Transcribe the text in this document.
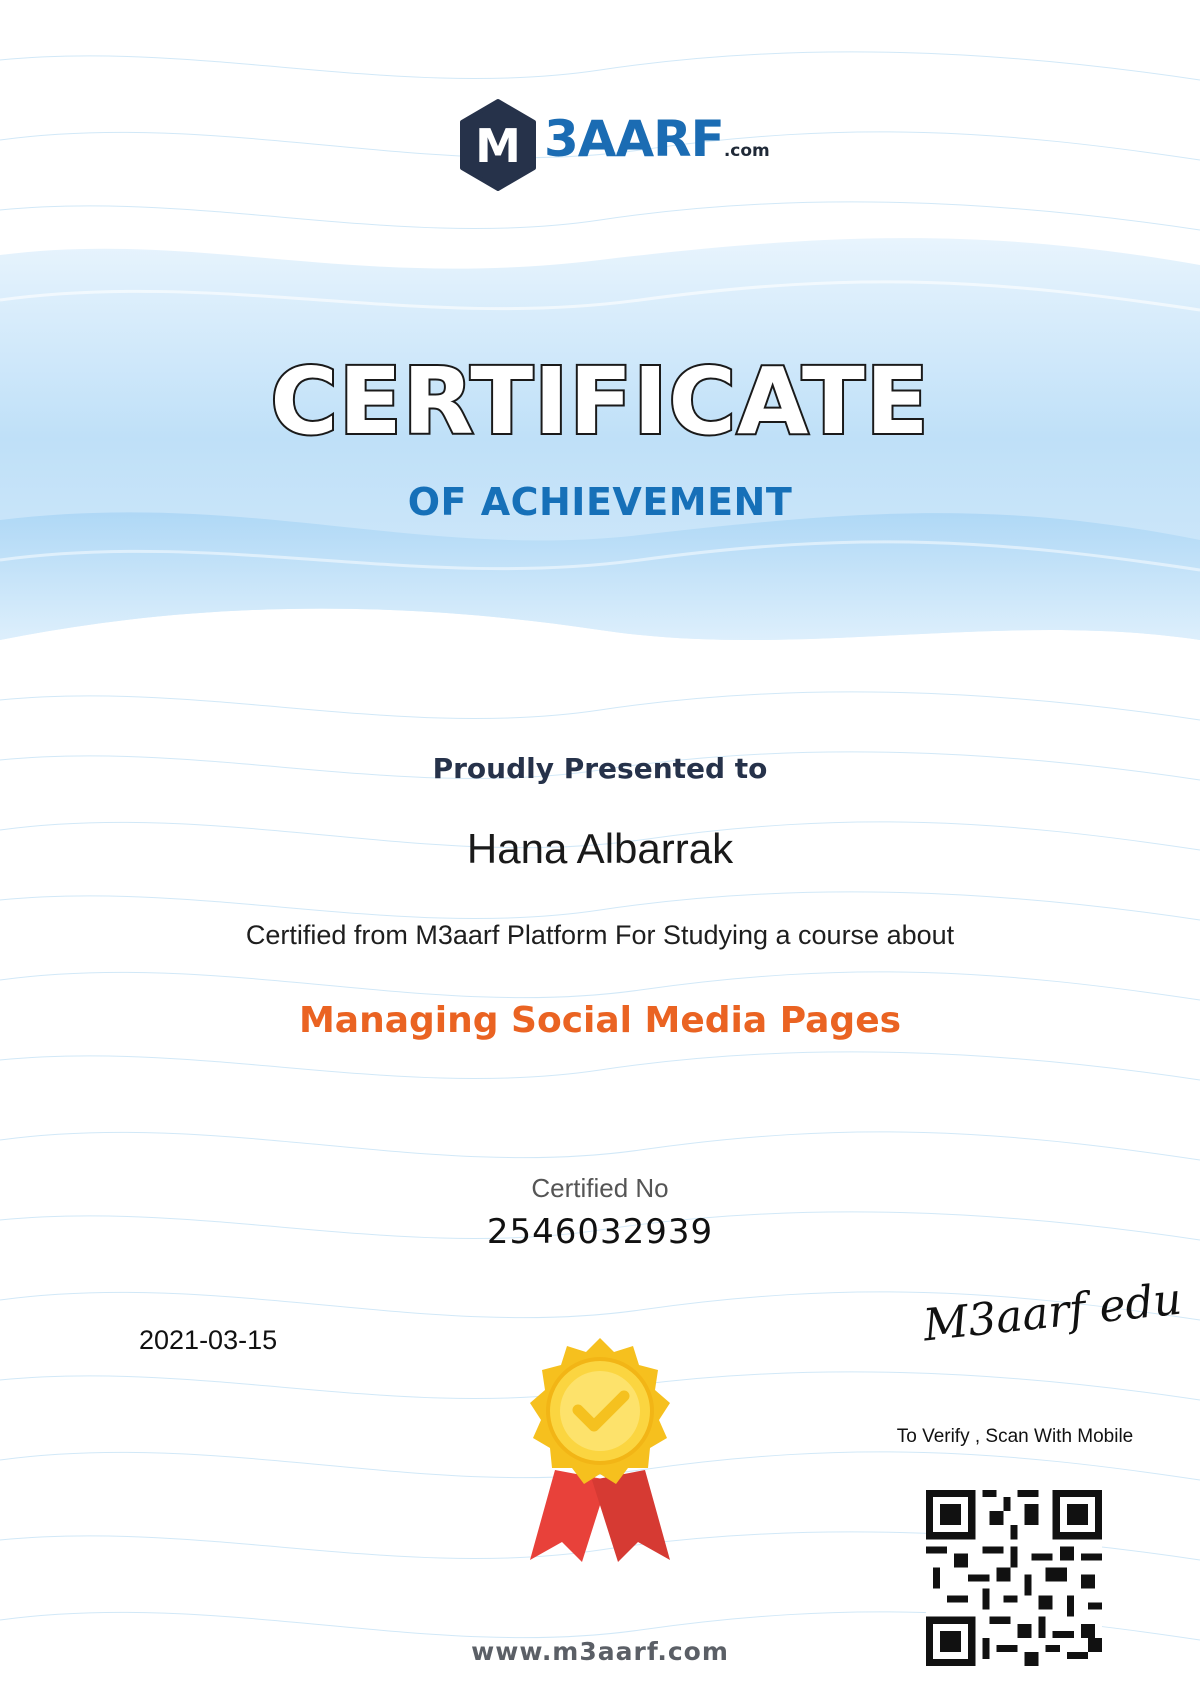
M 3AARF.com
CERTIFICATE
OF ACHIEVEMENT
Proudly Presented to
Hana Albarrak
Certified from M3aarf Platform For Studying a course about
Managing Social Media Pages
Certified No
2546032939
2021-03-15	M3aarf edu
To Verify , Scan With Mobile
www.m3aarf.com
